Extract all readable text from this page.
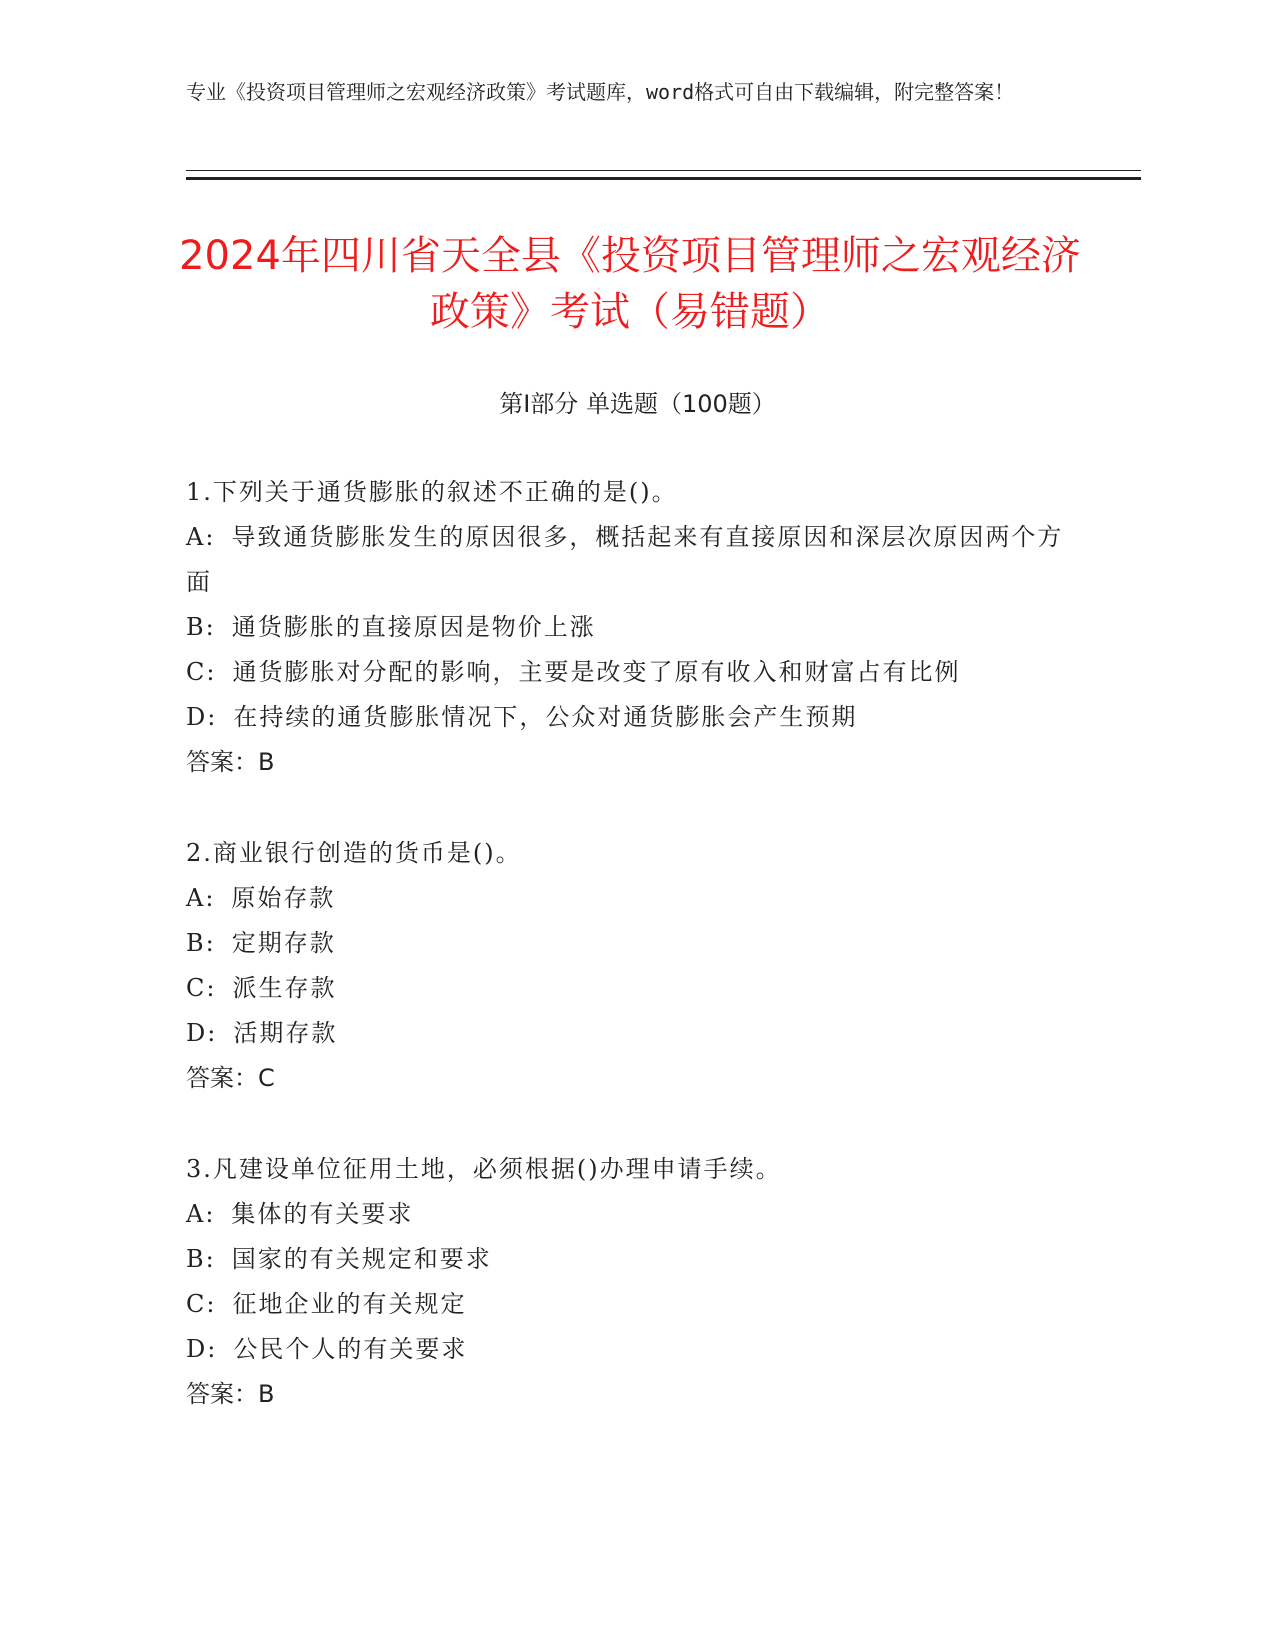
专业《投资项目管理师之宏观经济政策》考试题库，word格式可自由下载编辑，附完整答案！
2024年四川省天全县《投资项目管理师之宏观经济政策》考试（易错题）
第Ⅰ部分 单选题（100题）
1.下列关于通货膨胀的叙述不正确的是()。
A: 导致通货膨胀发生的原因很多，概括起来有直接原因和深层次原因两个方面
B: 通货膨胀的直接原因是物价上涨
C: 通货膨胀对分配的影响，主要是改变了原有收入和财富占有比例
D: 在持续的通货膨胀情况下，公众对通货膨胀会产生预期
答案：B
2.商业银行创造的货币是()。
A: 原始存款
B: 定期存款
C: 派生存款
D: 活期存款
答案：C
3.凡建设单位征用土地，必须根据()办理申请手续。
A: 集体的有关要求
B: 国家的有关规定和要求
C: 征地企业的有关规定
D: 公民个人的有关要求
答案：B
